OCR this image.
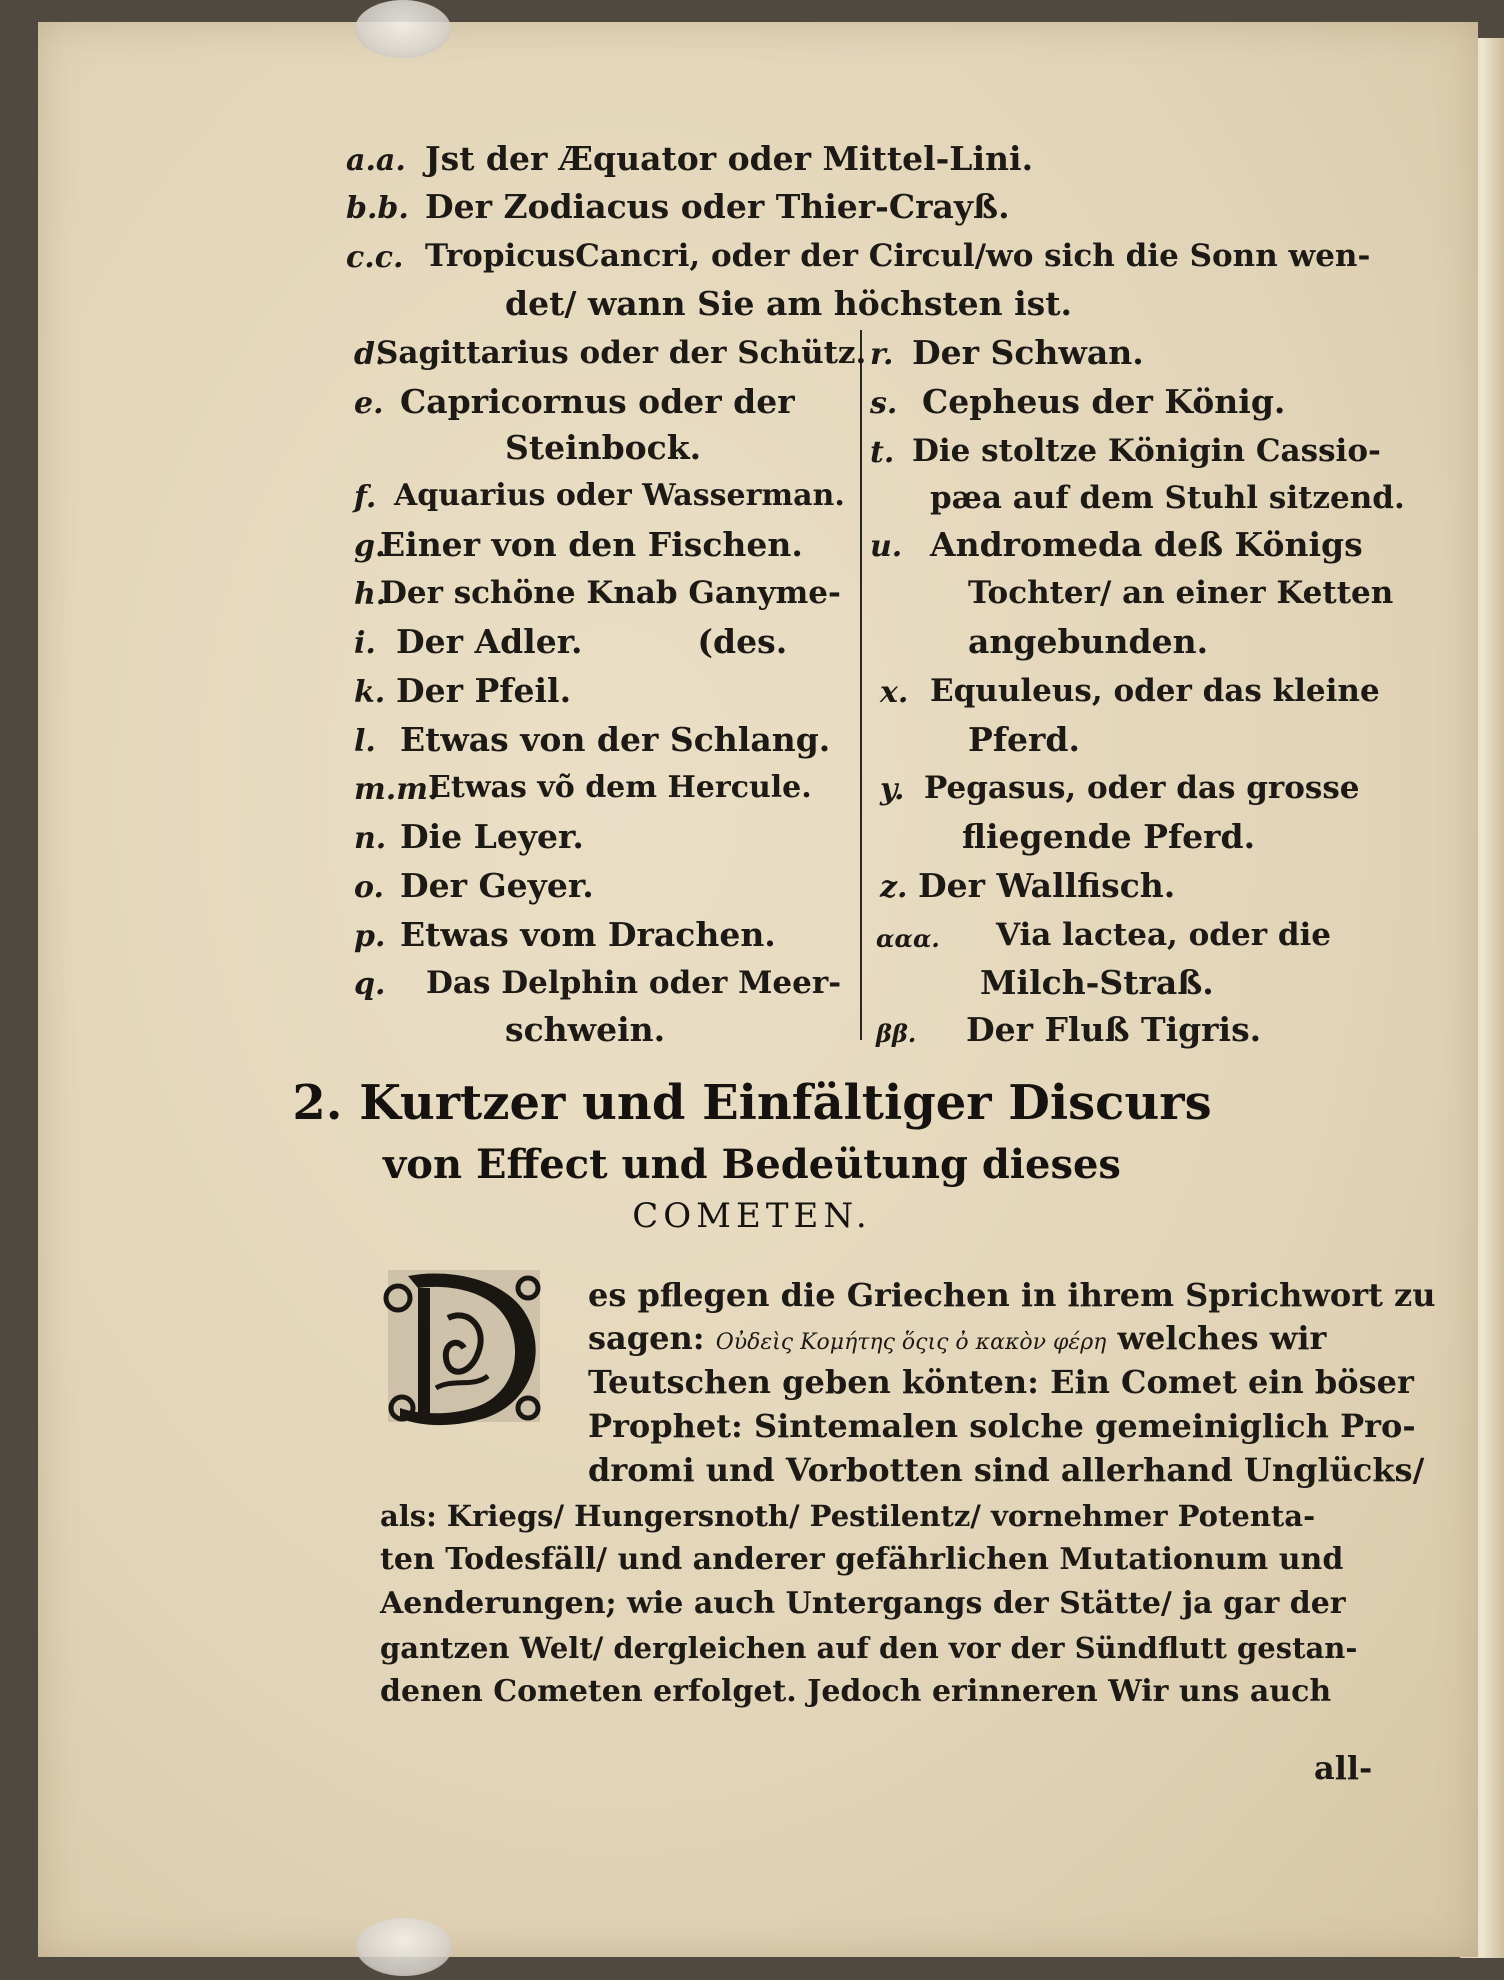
a.a. Jst der Æquator oder Mittel-Lini.
b.b. Der Zodiacus oder Thier-Crayß.
c.c. TropicusCancri, oder der Circul/wo sich die Sonn wen-
det/ wann Sie am höchsten ist.
d.
Sagittarius oder der Schütz.
e. Capricornus oder der
Steinbock.
f. Aquarius oder Wasserman.
g.
Einer von den Fischen.
h.
Der schöne Knab Ganyme-
i. Der Adler.          (des.
k. Der Pfeil.
l. Etwas von der Schlang.
m.m.
Etwas võ dem Hercule.
n. Die Leyer.
o. Der Geyer.
p. Etwas vom Drachen.
q. Das Delphin oder Meer-
schwein.
r. Der Schwan.
s. Cepheus der König.
t. Die stoltze Königin Cassio-
pæa auf dem Stuhl sitzend.
u. Andromeda deß Königs
Tochter/ an einer Ketten
angebunden.
x. Equuleus, oder das kleine
Pferd.
y. Pegasus, oder das grosse
fliegende Pferd.
z. Der Wallfisch.
ααα. Via lactea, oder die
Milch-Straß.
ββ. Der Fluß Tigris.
2. Kurtzer und Einfältiger Discurs
von Effect und Bedeütung dieses
COMETEN.
es pflegen die Griechen in ihrem Sprichwort zu
sagen: Οὐδεὶς Κομήτης ὅςις ὀ κακὸν φέρη welches wir
Teutschen geben könten: Ein Comet ein böser
Prophet: Sintemalen solche gemeiniglich Pro-
dromi und Vorbotten sind allerhand Unglücks/
als: Kriegs/ Hungersnoth/ Pestilentz/ vornehmer Potenta-
ten Todesfäll/ und anderer gefährlichen Mutationum und
Aenderungen; wie auch Untergangs der Stätte/ ja gar der
gantzen Welt/ dergleichen auf den vor der Sündflutt gestan-
denen Cometen erfolget. Jedoch erinneren Wir uns auch
all-
